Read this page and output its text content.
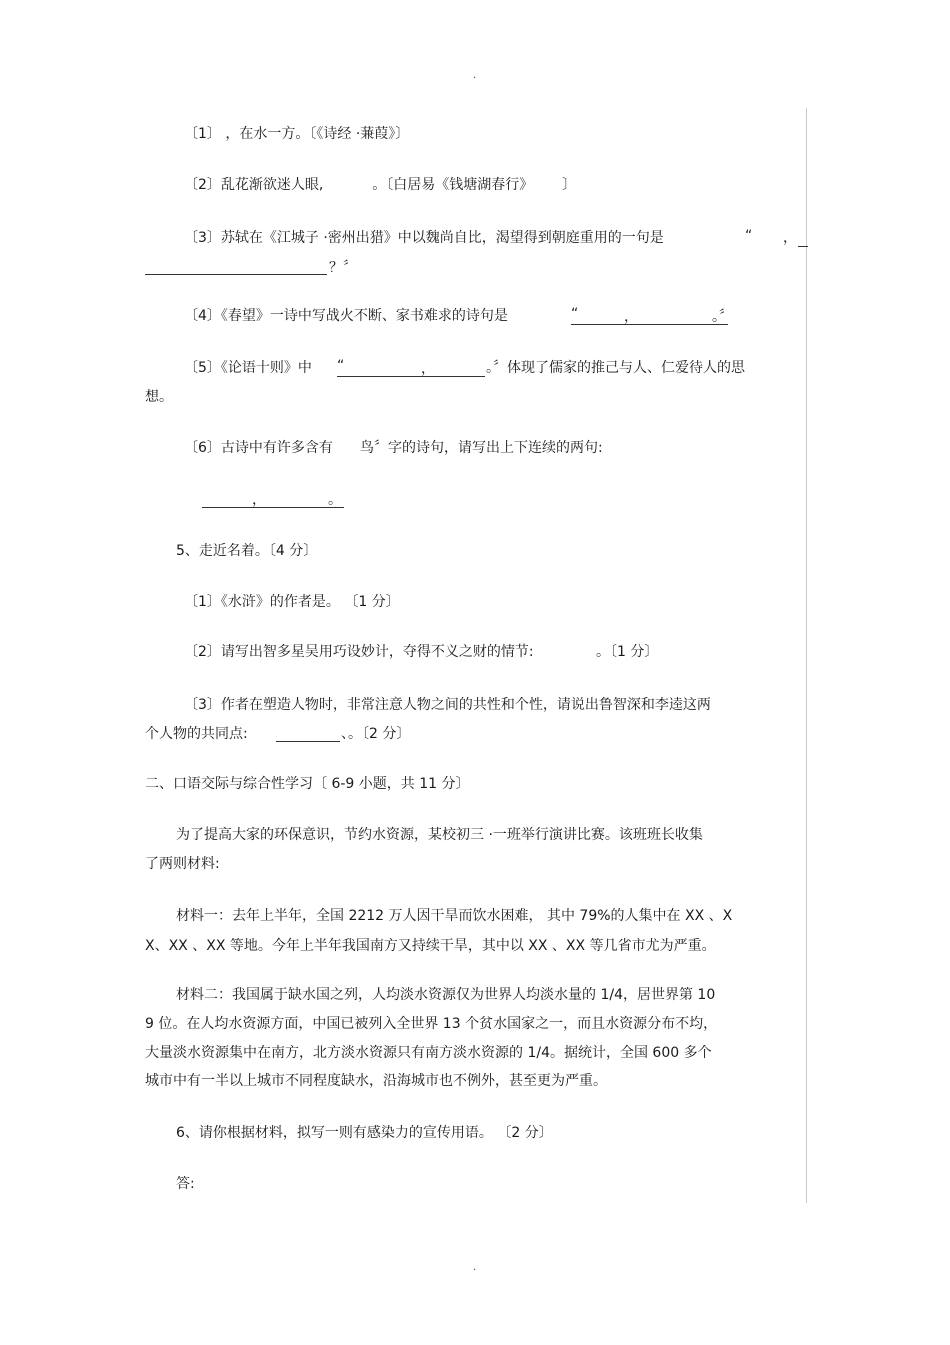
.
〔1〕 ，在水一方。〔《诗经 ·蒹葭》〕
〔2〕乱花渐欲迷人眼,	。〔白居易《钱塘湖春行》 〕
〔3〕苏轼在《江城子 ·密州出猎》中以魏尚自比，渴望得到朝庭重用的一句是	“ ，
？〞
〔4〕《春望》一诗中写战火不断、家书难求的诗句是	“	，	。〞
〔5〕《论语十则》中 “	，	。〞体现了儒家的推己与人、仁爱待人的思
想。
〔6〕古诗中有许多含有 鸟〞字的诗句，请写出上下连续的两句:
，	。
5、走近名着。〔4 分〕
〔1〕《水浒》的作者是。 〔1 分〕
〔2〕请写出智多星吴用巧设妙计，夺得不义之财的情节:	。〔1 分〕
〔3〕作者在塑造人物时，非常注意人物之间的共性和个性，请说出鲁智深和李逵这两
个人物的共同点:	、。〔2 分〕
二、口语交际与综合性学习〔 6-9 小题，共 11 分〕
为了提高大家的环保意识，节约水资源，某校初三 ·一班举行演讲比赛。该班班长收集
了两则材料:
材料一：去年上半年，全国 2212 万人因干旱而饮水困难， 其中 79%的人集中在 XX 、X
X、XX 、XX 等地。今年上半年我国南方又持续干旱，其中以 XX 、XX 等几省市尤为严重。
材料二：我国属于缺水国之列，人均淡水资源仅为世界人均淡水量的 1/4，居世界第 10
9 位。在人均水资源方面，中国已被列入全世界 13 个贫水国家之一，而且水资源分布不均，
大量淡水资源集中在南方，北方淡水资源只有南方淡水资源的 1/4。据统计，全国 600 多个
城市中有一半以上城市不同程度缺水，沿海城市也不例外，甚至更为严重。
6、请你根据材料，拟写一则有感染力的宣传用语。 〔2 分〕
答:
.
